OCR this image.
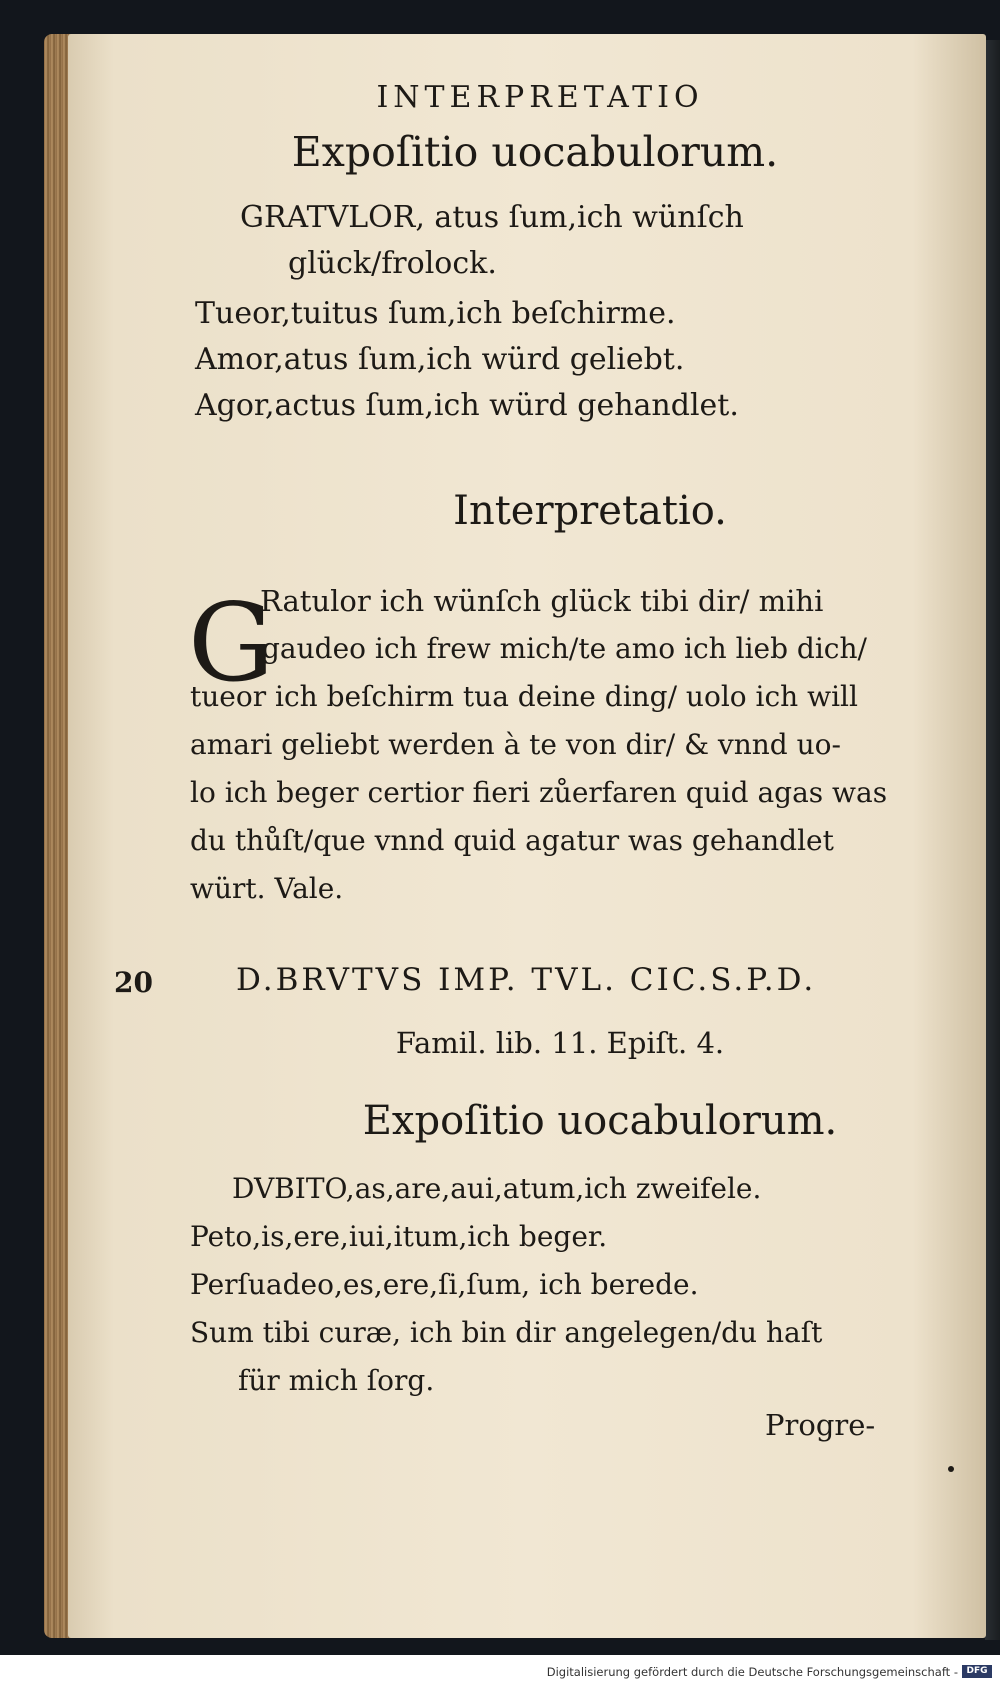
INTERPRETATIO
Expoſitio uocabulorum.
GRATVLOR, atus ſum,ich wünſch
glück/frolock.
Tueor,tuitus ſum,ich beſchirme.
Amor,atus ſum,ich würd geliebt.
Agor,actus ſum,ich würd gehandlet.
Interpretatio.
G
Ratulor ich wünſch glück tibi dir/ mihi
gaudeo ich frew mich/te amo ich lieb dich/
tueor ich beſchirm tua deine ding/ uolo ich will
amari geliebt werden à te von dir/ & vnnd uo-
lo ich beger certior fieri zůerfaren quid agas was
du thůſt/que vnnd quid agatur was gehandlet
würt. Vale.
20	D.BRVTVS IMP. TVL. CIC.S.P.D.
Famil. lib. 11. Epiſt. 4.
Expoſitio uocabulorum.
DVBITO,as,are,aui,atum,ich zweifele.
Peto,is,ere,iui,itum,ich beger.
Perſuadeo,es,ere,ſi,ſum, ich berede.
Sum tibi curæ, ich bin dir angelegen/du haſt
für mich ſorg.
Progre-
Digitalisierung gefördert durch die Deutsche Forschungsgemeinschaft - DFG
